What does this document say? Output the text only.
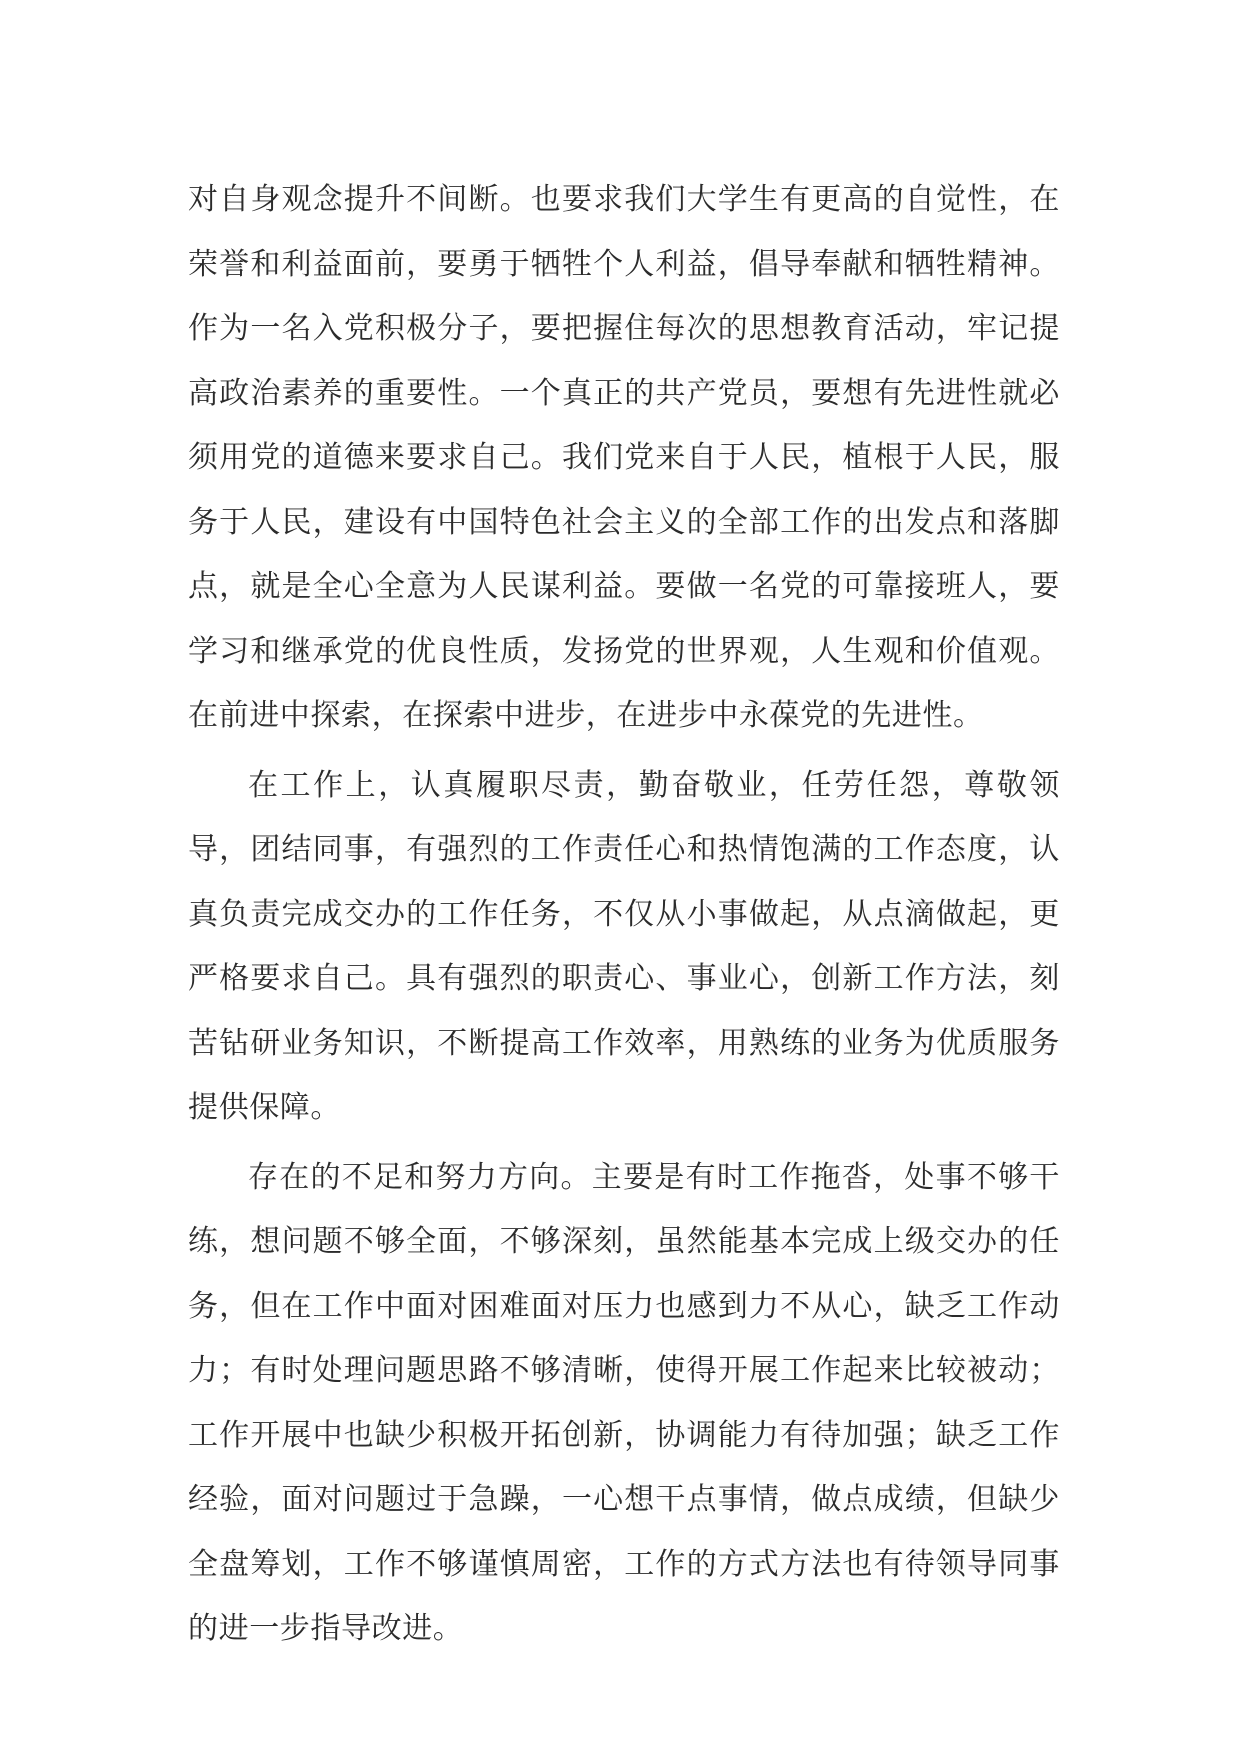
对自身观念提升不间断。也要求我们大学生有更高的自觉性，在荣誉和利益面前，要勇于牺牲个人利益，倡导奉献和牺牲精神。作为一名入党积极分子，要把握住每次的思想教育活动，牢记提高政治素养的重要性。一个真正的共产党员，要想有先进性就必须用党的道德来要求自己。我们党来自于人民，植根于人民，服务于人民，建设有中国特色社会主义的全部工作的出发点和落脚点，就是全心全意为人民谋利益。要做一名党的可靠接班人，要学习和继承党的优良性质，发扬党的世界观，人生观和价值观。在前进中探索，在探索中进步，在进步中永葆党的先进性。

在工作上，认真履职尽责，勤奋敬业，任劳任怨，尊敬领导，团结同事，有强烈的工作责任心和热情饱满的工作态度，认真负责完成交办的工作任务，不仅从小事做起，从点滴做起，更严格要求自己。具有强烈的职责心、事业心，创新工作方法，刻苦钻研业务知识，不断提高工作效率，用熟练的业务为优质服务提供保障。

存在的不足和努力方向。主要是有时工作拖沓，处事不够干练，想问题不够全面，不够深刻，虽然能基本完成上级交办的任务，但在工作中面对困难面对压力也感到力不从心，缺乏工作动力；有时处理问题思路不够清晰，使得开展工作起来比较被动；工作开展中也缺少积极开拓创新，协调能力有待加强；缺乏工作经验，面对问题过于急躁，一心想干点事情，做点成绩，但缺少全盘筹划，工作不够谨慎周密，工作的方式方法也有待领导同事的进一步指导改进。
